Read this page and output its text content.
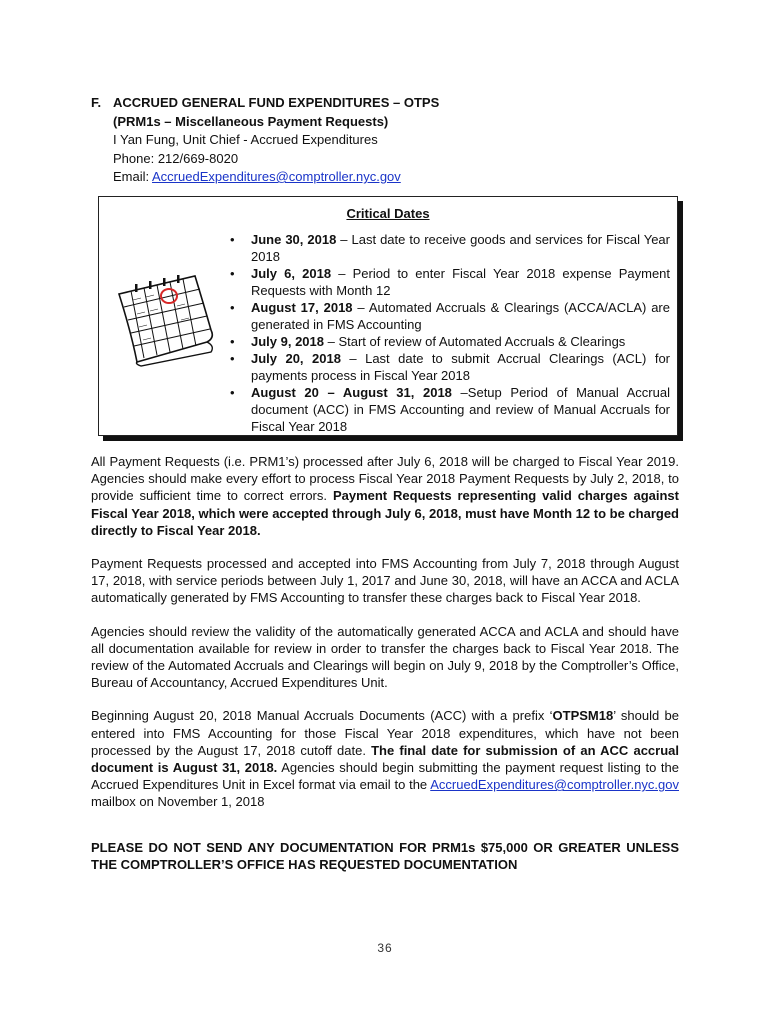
F. ACCRUED GENERAL FUND EXPENDITURES – OTPS
(PRM1s – Miscellaneous Payment Requests)
I Yan Fung, Unit Chief - Accrued Expenditures
Phone: 212/669-8020
Email: AccruedExpenditures@comptroller.nyc.gov
Critical Dates
• June 30, 2018 – Last date to receive goods and services for Fiscal Year 2018
• July 6, 2018 – Period to enter Fiscal Year 2018 expense Payment Requests with Month 12
• August 17, 2018 – Automated Accruals & Clearings (ACCA/ACLA) are generated in FMS Accounting
• July 9, 2018 – Start of review of Automated Accruals & Clearings
• July 20, 2018 – Last date to submit Accrual Clearings (ACL) for payments process in Fiscal Year 2018
• August 20 – August 31, 2018 –Setup Period of Manual Accrual document (ACC) in FMS Accounting and review of Manual Accruals for Fiscal Year 2018

All Payment Requests (i.e. PRM1’s) processed after July 6, 2018 will be charged to Fiscal Year 2019. Agencies should make every effort to process Fiscal Year 2018 Payment Requests by July 2, 2018, to provide sufficient time to correct errors. Payment Requests representing valid charges against Fiscal Year 2018, which were accepted through July 6, 2018, must have Month 12 to be charged directly to Fiscal Year 2018.

Payment Requests processed and accepted into FMS Accounting from July 7, 2018 through August 17, 2018, with service periods between July 1, 2017 and June 30, 2018, will have an ACCA and ACLA automatically generated by FMS Accounting to transfer these charges back to Fiscal Year 2018.

Agencies should review the validity of the automatically generated ACCA and ACLA and should have all documentation available for review in order to transfer the charges back to Fiscal Year 2018. The review of the Automated Accruals and Clearings will begin on July 9, 2018 by the Comptroller’s Office, Bureau of Accountancy, Accrued Expenditures Unit.

Beginning August 20, 2018 Manual Accruals Documents (ACC) with a prefix ‘OTPSM18’ should be entered into FMS Accounting for those Fiscal Year 2018 expenditures, which have not been processed by the August 17, 2018 cutoff date. The final date for submission of an ACC accrual document is August 31, 2018. Agencies should begin submitting the payment request listing to the Accrued Expenditures Unit in Excel format via email to the AccruedExpenditures@comptroller.nyc.gov mailbox on November 1, 2018

PLEASE DO NOT SEND ANY DOCUMENTATION FOR PRM1s $75,000 OR GREATER UNLESS THE COMPTROLLER’S OFFICE HAS REQUESTED DOCUMENTATION

36
